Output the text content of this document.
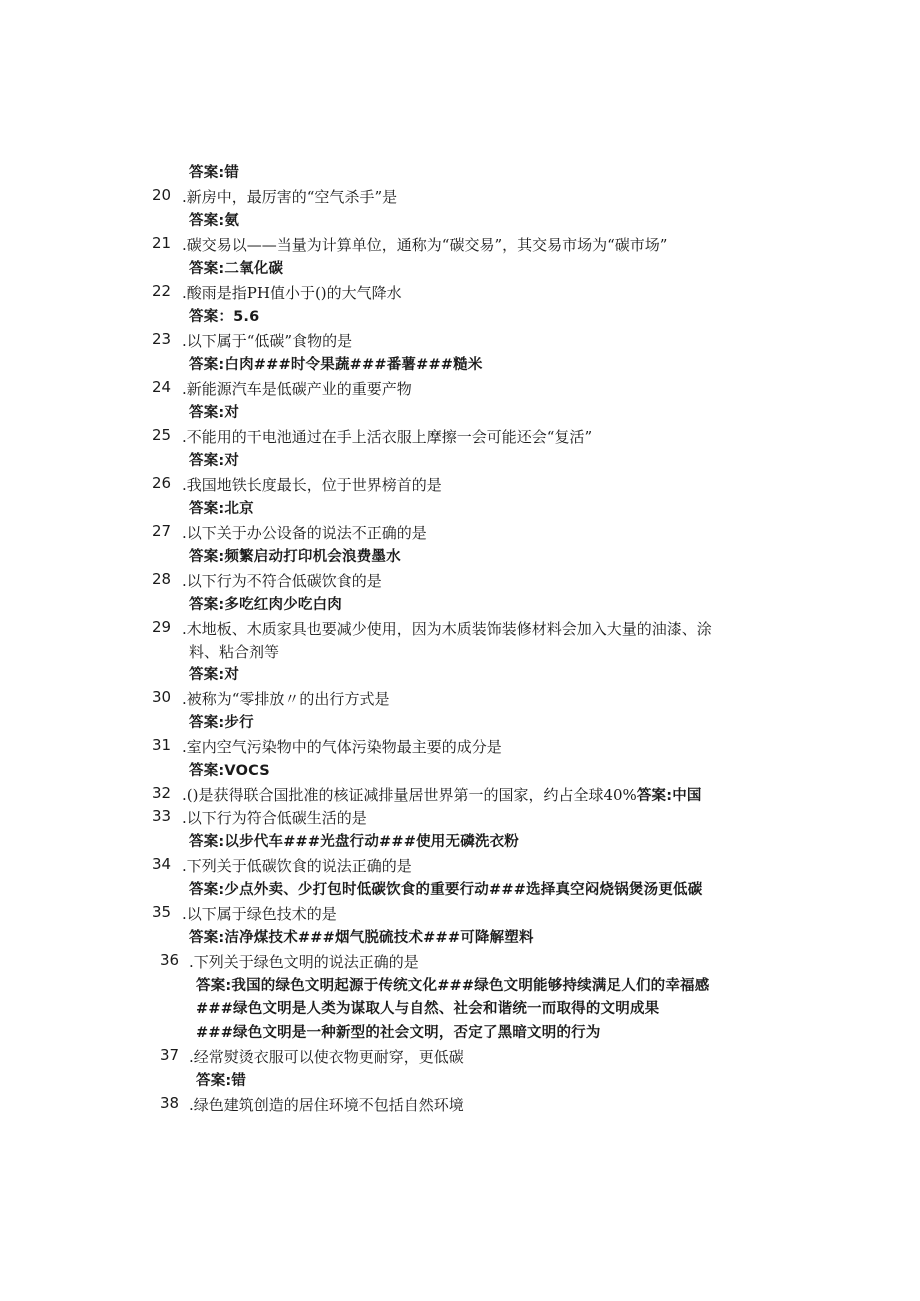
答案:错
20 .新房中，最厉害的“空气杀手”是
答案:氨
21 .碳交易以——当量为计算单位，通称为“碳交易”，其交易市场为“碳市场”
答案:二氧化碳
22 .酸雨是指PH值小于()的大气降水
答案：5.6
23 .以下属于“低碳”食物的是
答案:白肉###时令果蔬###番薯###糙米
24 .新能源汽车是低碳产业的重要产物
答案:对
25 .不能用的干电池通过在手上活衣服上摩擦一会可能还会“复活”
答案:对
26 .我国地铁长度最长，位于世界榜首的是
答案:北京
27 .以下关于办公设备的说法不正确的是
答案:频繁启动打印机会浪费墨水
28 .以下行为不符合低碳饮食的是
答案:多吃红肉少吃白肉
29 .木地板、木质家具也要减少使用，因为木质装饰装修材料会加入大量的油漆、涂
料、粘合剂等
答案:对
30 .被称为“零排放〃的出行方式是
答案:步行
31 .室内空气污染物中的气体污染物最主要的成分是
答案:VOCS
32 .()是获得联合国批准的核证减排量居世界第一的国家，约占全球40%答案:中国
33 .以下行为符合低碳生活的是
答案:以步代车###光盘行动###使用无磷洗衣粉
34 .下列关于低碳饮食的说法正确的是
答案:少点外卖、少打包时低碳饮食的重要行动###选择真空闷烧锅煲汤更低碳
35 .以下属于绿色技术的是
答案:洁净煤技术###烟气脱硫技术###可降解塑料
36 .下列关于绿色文明的说法正确的是
答案:我国的绿色文明起源于传统文化###绿色文明能够持续满足人们的幸福感
###绿色文明是人类为谋取人与自然、社会和谐统一而取得的文明成果
###绿色文明是一种新型的社会文明，否定了黑暗文明的行为
37 .经常熨烫衣服可以使衣物更耐穿，更低碳
答案:错
38 .绿色建筑创造的居住环境不包括自然环境
